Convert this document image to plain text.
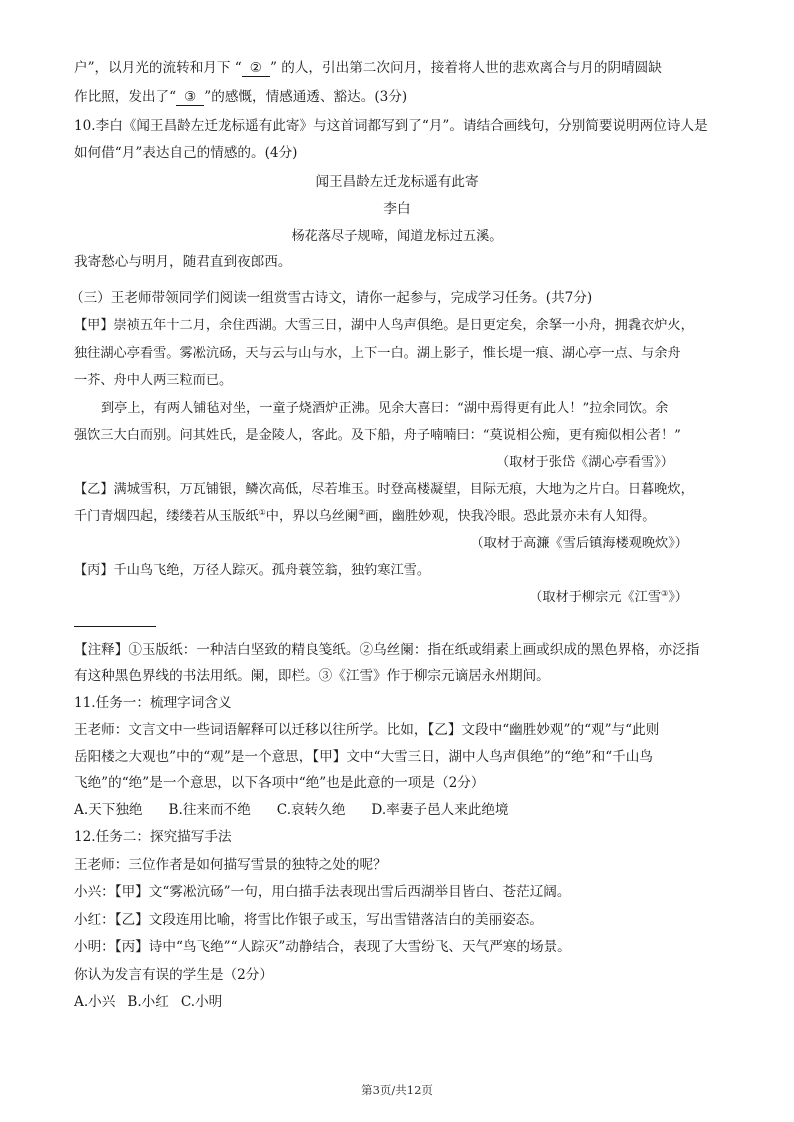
户”，以月光的流转和月下 “ ② ” 的人，引出第二次问月，接着将人世的悲欢离合与月的阴晴圆缺
作比照，发出了“ ③ ”的感慨，情感通透、豁达。(3分)
10.李白《闻王昌龄左迁龙标遥有此寄》与这首词都写到了“月”。请结合画线句，分别简要说明两位诗人是
如何借“月”表达自己的情感的。(4分)
闻王昌龄左迁龙标遥有此寄
李白
杨花落尽子规啼，闻道龙标过五溪。
我寄愁心与明月，随君直到夜郎西。
（三）王老师带领同学们阅读一组赏雪古诗文，请你一起参与，完成学习任务。(共7分)
【甲】崇祯五年十二月，余住西湖。大雪三日，湖中人鸟声俱绝。是日更定矣，余拏一小舟，拥毳衣炉火，
独往湖心亭看雪。雾凇沆砀，天与云与山与水，上下一白。湖上影子，惟长堤一痕、湖心亭一点、与余舟
一芥、舟中人两三粒而已。
到亭上，有两人铺毡对坐，一童子烧酒炉正沸。见余大喜曰：“湖中焉得更有此人！”拉余同饮。余
强饮三大白而别。问其姓氏，是金陵人，客此。及下船，舟子喃喃曰：“莫说相公痴，更有痴似相公者！”
（取材于张岱《湖心亭看雪》）
【乙】满城雪积，万瓦铺银，鳞次高低，尽若堆玉。时登高楼凝望，目际无痕，大地为之片白。日暮晚炊，
千门青烟四起，缕缕若从玉版纸①中，界以乌丝阑②画，幽胜妙观，快我冷眼。恐此景亦未有人知得。
（取材于高濂《雪后镇海楼观晚炊》）
【丙】千山鸟飞绝，万径人踪灭。孤舟蓑笠翁，独钓寒江雪。
（取材于柳宗元《江雪③》）
【注释】①玉版纸：一种洁白坚致的精良笺纸。②乌丝阑：指在纸或绢素上画或织成的黑色界格，亦泛指
有这种黑色界线的书法用纸。阑，即栏。③《江雪》作于柳宗元谪居永州期间。
11.任务一：梳理字词含义
王老师：文言文中一些词语解释可以迁移以往所学。比如，【乙】文段中“幽胜妙观”的“观”与“此则
岳阳楼之大观也”中的“观”是一个意思，【甲】文中“大雪三日，湖中人鸟声俱绝”的“绝”和“千山鸟
飞绝”的“绝”是一个意思，以下各项中“绝”也是此意的一项是（2分）
A.天下独绝 B.往来而不绝 C.哀转久绝 D.率妻子邑人来此绝境
12.任务二：探究描写手法
王老师：三位作者是如何描写雪景的独特之处的呢？
小兴：【甲】文“雾凇沆砀”一句，用白描手法表现出雪后西湖举目皆白、苍茫辽阔。
小红：【乙】文段连用比喻，将雪比作银子或玉，写出雪错落洁白的美丽姿态。
小明：【丙】诗中“鸟飞绝”“人踪灭”动静结合，表现了大雪纷飞、天气严寒的场景。
你认为发言有误的学生是（2分）
A.小兴 B.小红 C.小明
第3页/共12页
